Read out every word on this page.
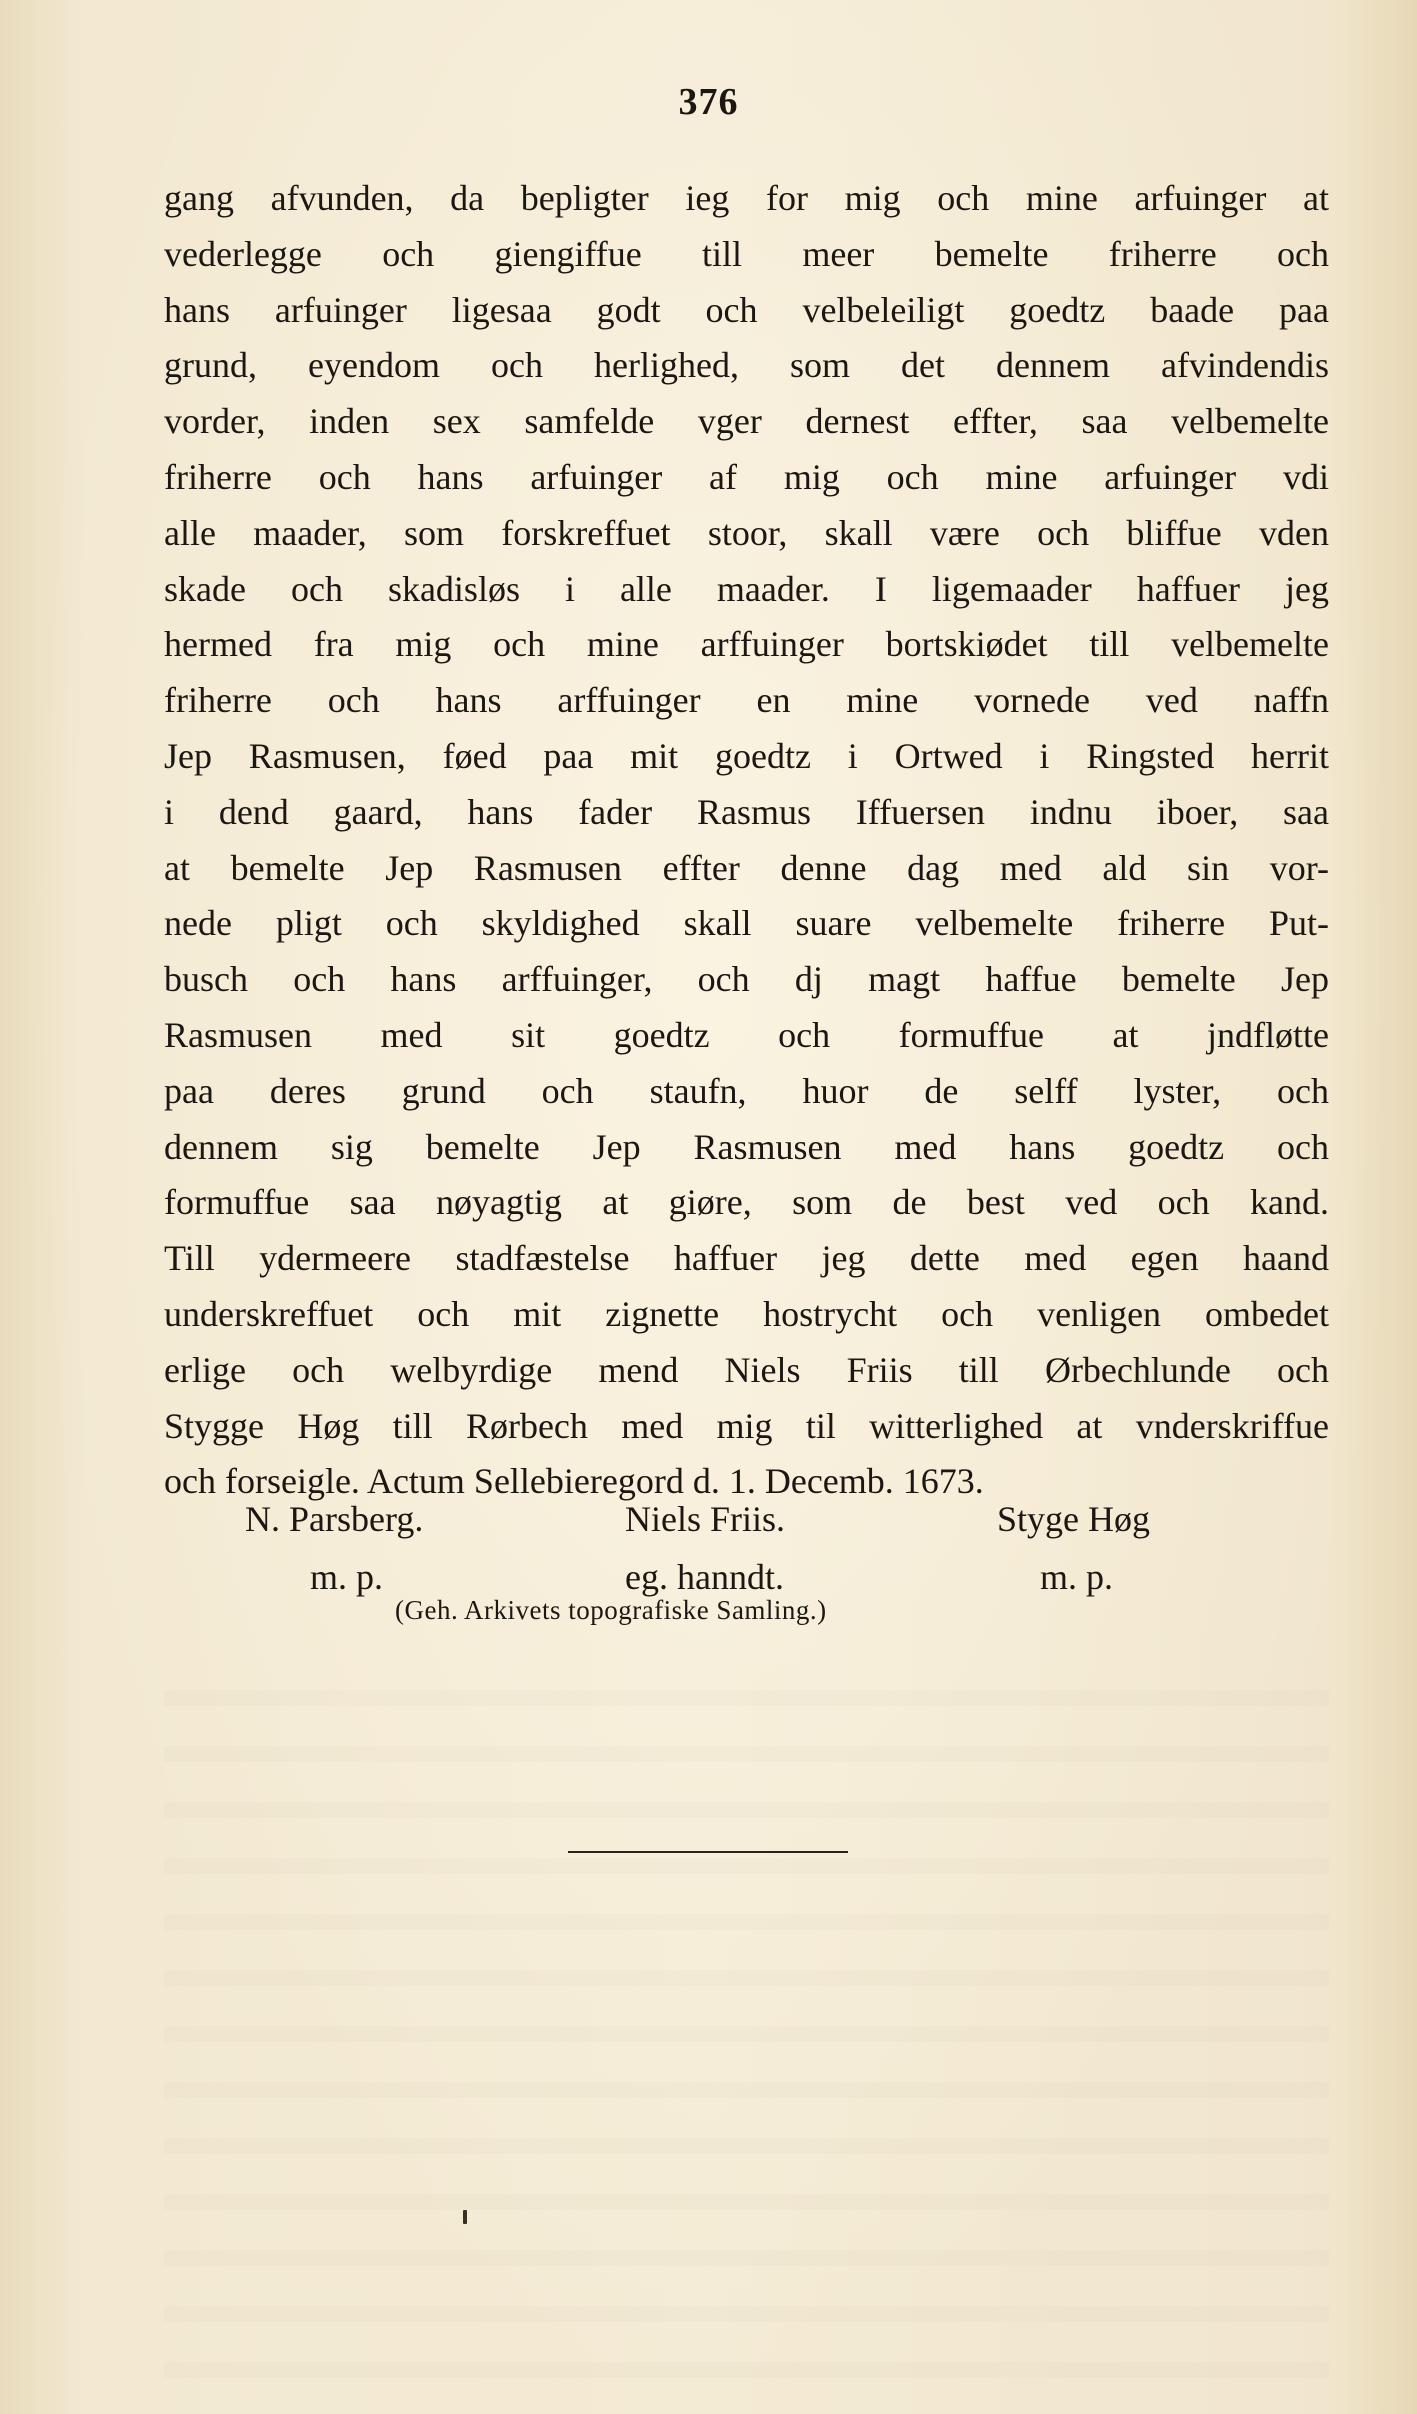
376
gang afvunden, da bepligter ieg for mig och mine arfuinger at
vederlegge och giengiffue till meer bemelte friherre och
hans arfuinger ligesaa godt och velbeleiligt goedtz baade paa
grund, eyendom och herlighed, som det dennem afvindendis
vorder, inden sex samfelde vger dernest effter, saa velbemelte
friherre och hans arfuinger af mig och mine arfuinger vdi
alle maader, som forskreffuet stoor, skall være och bliffue vden
skade och skadisløs i alle maader. I ligemaader haffuer jeg
hermed fra mig och mine arffuinger bortskiødet till velbemelte
friherre och hans arffuinger en mine vornede ved naffn
Jep Rasmusen, føed paa mit goedtz i Ortwed i Ringsted herrit
i dend gaard, hans fader Rasmus Iffuersen indnu iboer, saa
at bemelte Jep Rasmusen effter denne dag med ald sin vor-
nede pligt och skyldighed skall suare velbemelte friherre Put-
busch och hans arffuinger, och dj magt haffue bemelte Jep
Rasmusen med sit goedtz och formuffue at jndfløtte
paa deres grund och staufn, huor de selff lyster, och
dennem sig bemelte Jep Rasmusen med hans goedtz och
formuffue saa nøyagtig at giøre, som de best ved och kand.
Till ydermeere stadfæstelse haffuer jeg dette med egen haand
underskreffuet och mit zignette hostrycht och venligen ombedet
erlige och welbyrdige mend Niels Friis till Ørbechlunde och
Stygge Høg till Rørbech med mig til witterlighed at vnderskriffue
och forseigle. Actum Sellebieregord d. 1. Decemb. 1673.
N. Parsberg.	Niels Friis.	Styge Høg
m. p.	eg. hanndt.	m. p.
(Geh. Arkivets topografiske Samling.)
